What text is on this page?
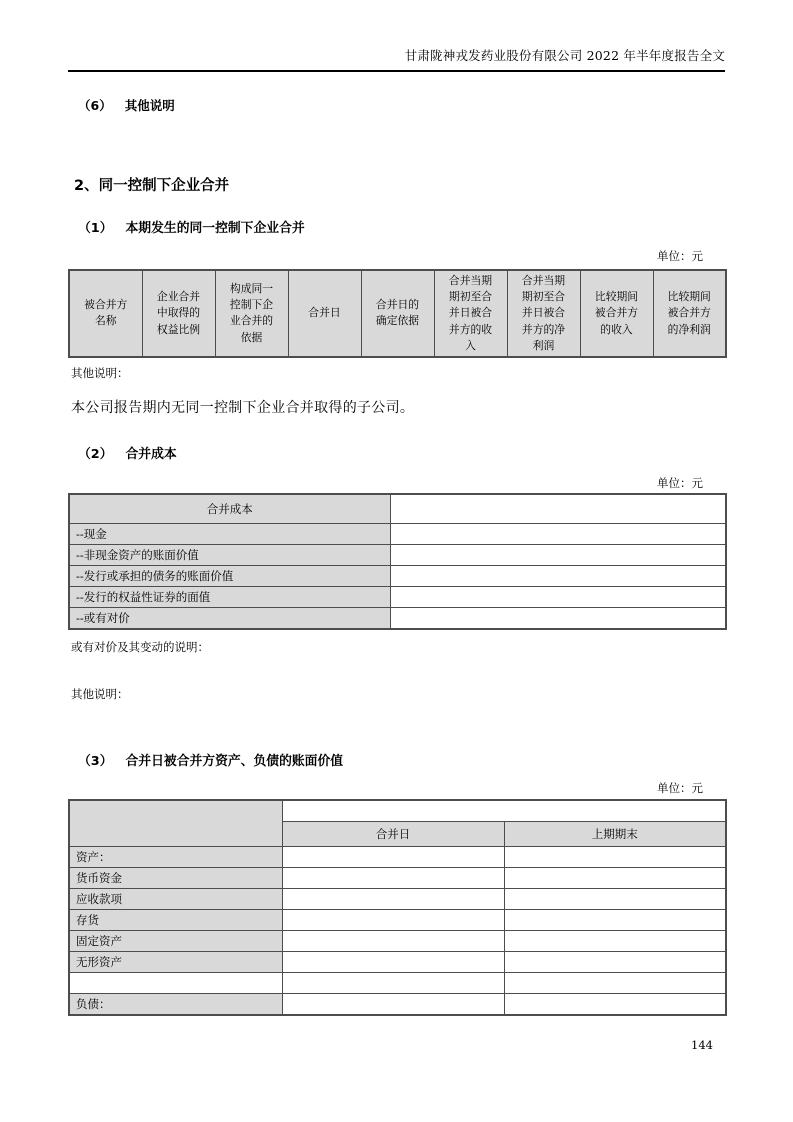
甘肃陇神戎发药业股份有限公司 2022 年半年度报告全文
（6） 其他说明
2、同一控制下企业合并
（1） 本期发生的同一控制下企业合并
单位：元
被合并方名称	企业合并中取得的权益比例	构成同一控制下企业合并的依据	合并日	合并日的确定依据	合并当期期初至合并日被合并方的收入	合并当期期初至合并日被合并方的净利润	比较期间被合并方的收入	比较期间被合并方的净利润
其他说明：
本公司报告期内无同一控制下企业合并取得的子公司。
（2） 合并成本
单位：元
合并成本	
--现金	
--非现金资产的账面价值	
--发行或承担的债务的账面价值	
--发行的权益性证券的面值	
--或有对价	
或有对价及其变动的说明：
其他说明：
（3） 合并日被合并方资产、负债的账面价值
单位：元

	合并日	上期期末
资产：		
货币资金		
应收款项		
存货		
固定资产		
无形资产		

负债：		
144
